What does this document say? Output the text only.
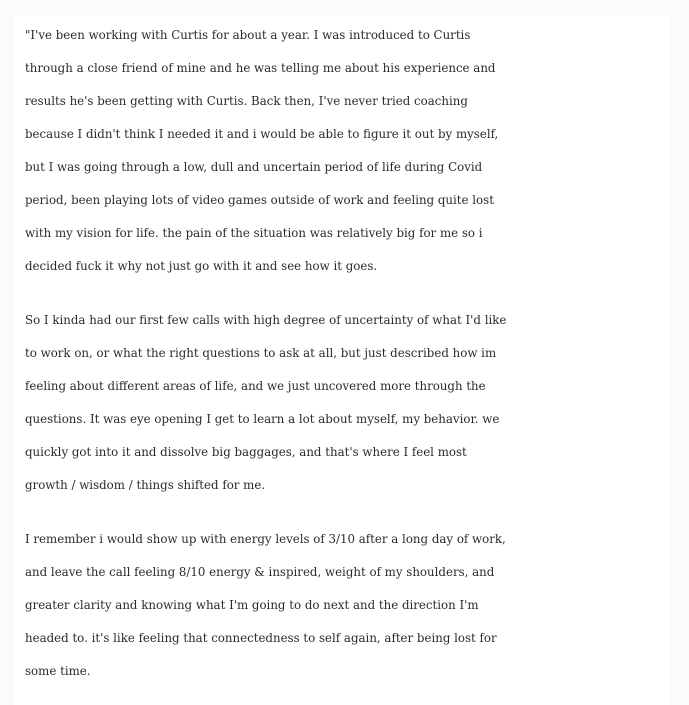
"I've been working with Curtis for about a year. I was introduced to Curtis
through a close friend of mine and he was telling me about his experience and
results he's been getting with Curtis. Back then, I've never tried coaching
because I didn't think I needed it and i would be able to figure it out by myself,
but I was going through a low, dull and uncertain period of life during Covid
period, been playing lots of video games outside of work and feeling quite lost
with my vision for life. the pain of the situation was relatively big for me so i
decided fuck it why not just go with it and see how it goes.

So I kinda had our first few calls with high degree of uncertainty of what I'd like
to work on, or what the right questions to ask at all, but just described how im
feeling about different areas of life, and we just uncovered more through the
questions. It was eye opening I get to learn a lot about myself, my behavior. we
quickly got into it and dissolve big baggages, and that's where I feel most
growth / wisdom / things shifted for me.

I remember i would show up with energy levels of 3/10 after a long day of work,
and leave the call feeling 8/10 energy & inspired, weight of my shoulders, and
greater clarity and knowing what I'm going to do next and the direction I'm
headed to. it's like feeling that connectedness to self again, after being lost for
some time.
